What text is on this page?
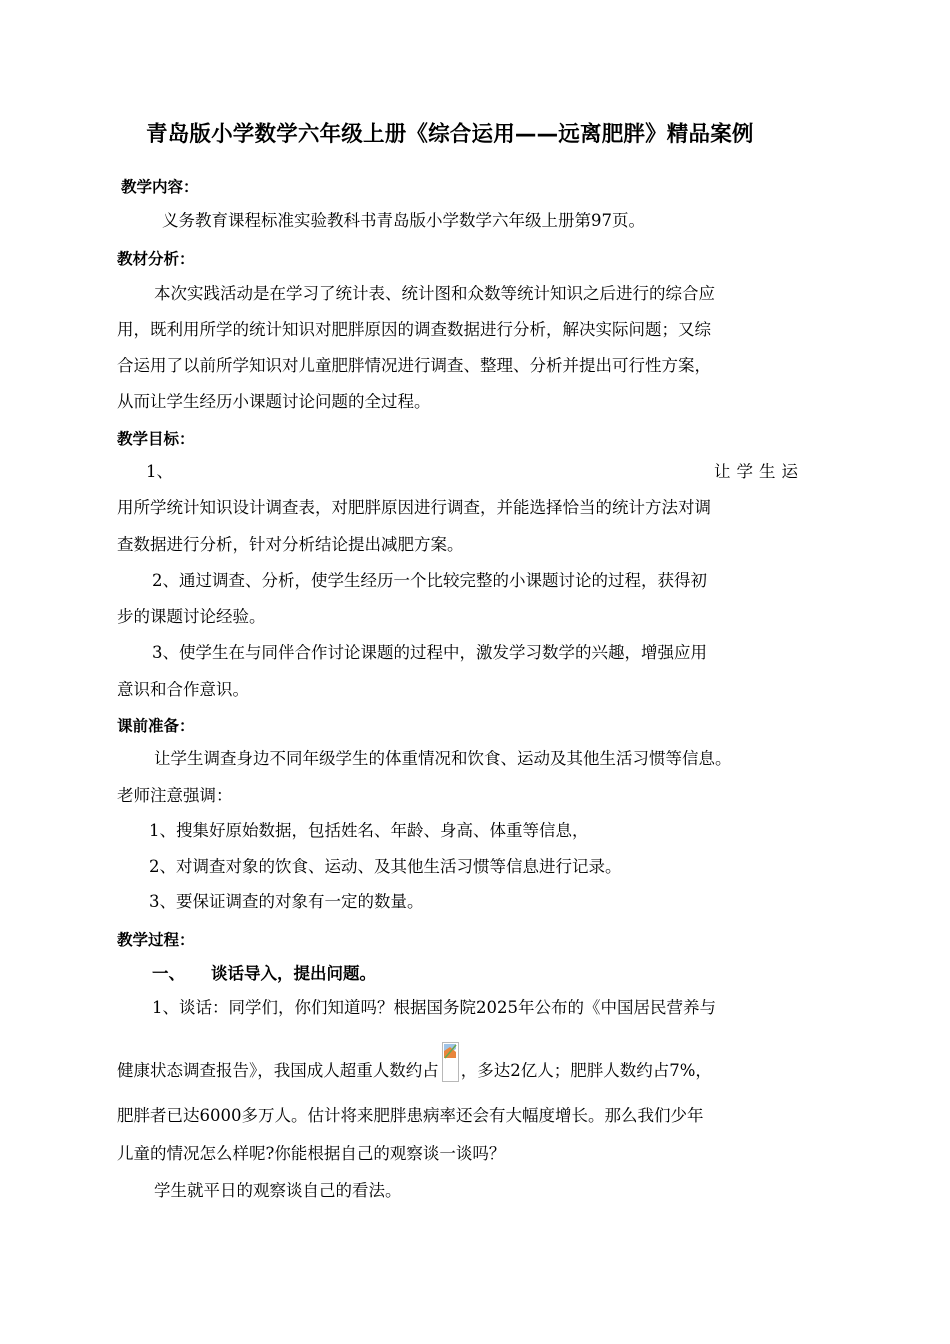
青岛版小学数学六年级上册《综合运用——远离肥胖》精品案例
教学内容：
义务教育课程标准实验教科书青岛版小学数学六年级上册第97页。
教材分析：
本次实践活动是在学习了统计表、统计图和众数等统计知识之后进行的综合应
用，既利用所学的统计知识对肥胖原因的调查数据进行分析，解决实际问题；又综
合运用了以前所学知识对儿童肥胖情况进行调查、整理、分析并提出可行性方案，
从而让学生经历小课题讨论问题的全过程。
教学目标：
1、	让学生运
用所学统计知识设计调查表，对肥胖原因进行调查，并能选择恰当的统计方法对调
查数据进行分析，针对分析结论提出减肥方案。
2、通过调查、分析，使学生经历一个比较完整的小课题讨论的过程，获得初
步的课题讨论经验。
3、使学生在与同伴合作讨论课题的过程中，激发学习数学的兴趣，增强应用
意识和合作意识。
课前准备：
让学生调查身边不同年级学生的体重情况和饮食、运动及其他生活习惯等信息。
老师注意强调：
1、搜集好原始数据，包括姓名、年龄、身高、体重等信息，
2、对调查对象的饮食、运动、及其他生活习惯等信息进行记录。
3、要保证调查的对象有一定的数量。
教学过程：
一、 谈话导入，提出问题。
1、谈话：同学们，你们知道吗？根据国务院2025年公布的《中国居民营养与
健康状态调查报告》，我国成人超重人数约占 ，多达2亿人；肥胖人数约占7%，
肥胖者已达6000多万人。估计将来肥胖患病率还会有大幅度增长。那么我们少年
儿童的情况怎么样呢?你能根据自己的观察谈一谈吗？
学生就平日的观察谈自己的看法。
